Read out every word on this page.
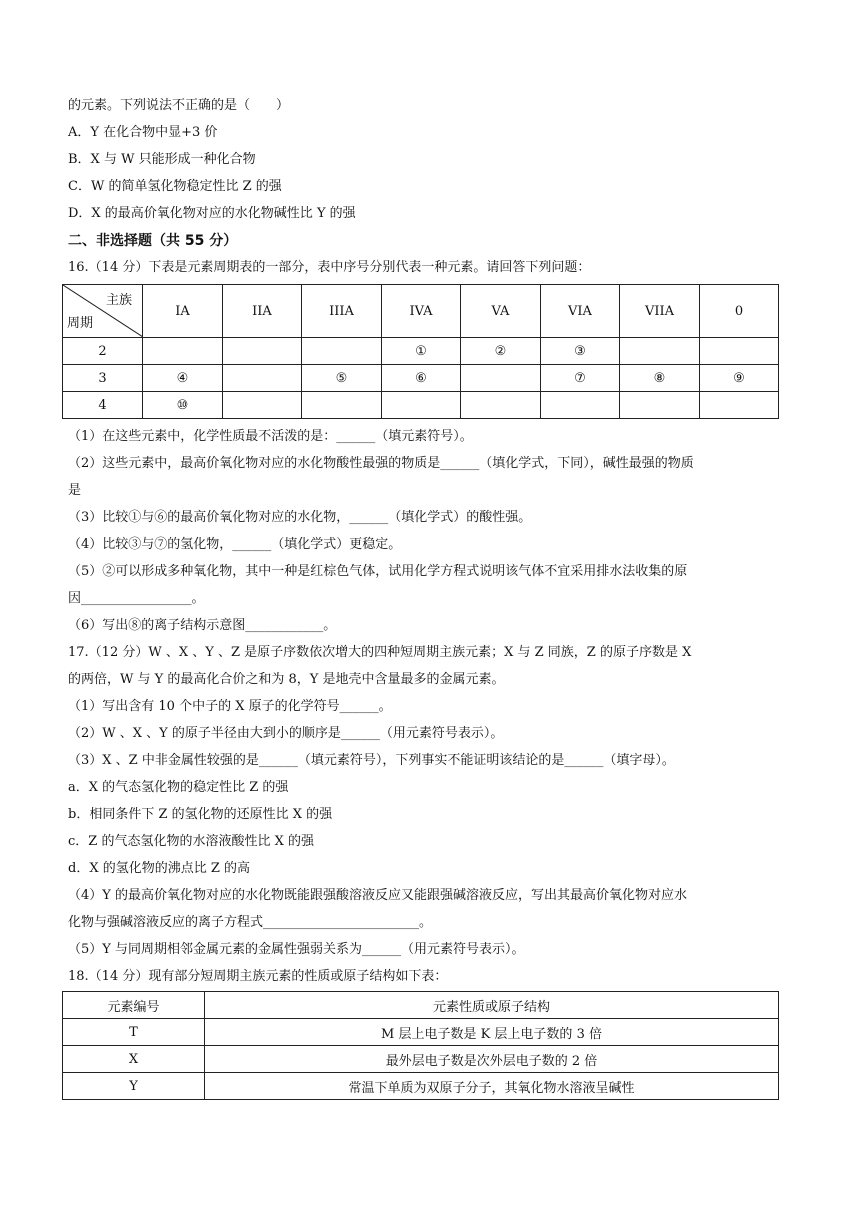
的元素。下列说法不正确的是（　　）
A．Y 在化合物中显+3 价
B．X 与 W 只能形成一种化合物
C．W 的简单氢化物稳定性比 Z 的强
D．X 的最高价氧化物对应的水化物碱性比 Y 的强
二、非选择题（共 55 分）
16.（14 分）下表是元素周期表的一部分，表中序号分别代表一种元素。请回答下列问题：
主族
周期	IA	IIA	IIIA	IVA	VA	VIA	VIIA	0
2				①	②	③		
3	④		⑤	⑥		⑦	⑧	⑨
4	⑩							
（1）在这些元素中，化学性质最不活泼的是：______（填元素符号）。
（2）这些元素中，最高价氧化物对应的水化物酸性最强的物质是______（填化学式，下同），碱性最强的物质
是
（3）比较①与⑥的最高价氧化物对应的水化物，______（填化学式）的酸性强。
（4）比较③与⑦的氢化物，______（填化学式）更稳定。
（5）②可以形成多种氧化物，其中一种是红棕色气体，试用化学方程式说明该气体不宜采用排水法收集的原
因_________________。
（6）写出⑧的离子结构示意图____________。
17.（12 分）W 、X 、Y 、Z 是原子序数依次增大的四种短周期主族元素；X 与 Z 同族，Z 的原子序数是 X
的两倍，W 与 Y 的最高化合价之和为 8，Y 是地壳中含量最多的金属元素。
（1）写出含有 10 个中子的 X 原子的化学符号______。
（2）W 、X 、Y 的原子半径由大到小的顺序是______（用元素符号表示）。
（3）X 、Z 中非金属性较强的是______（填元素符号），下列事实不能证明该结论的是______（填字母）。
a．X 的气态氢化物的稳定性比 Z 的强
b．相同条件下 Z 的氢化物的还原性比 X 的强
c．Z 的气态氢化物的水溶液酸性比 X 的强
d．X 的氢化物的沸点比 Z 的高
（4）Y 的最高价氧化物对应的水化物既能跟强酸溶液反应又能跟强碱溶液反应，写出其最高价氧化物对应水
化物与强碱溶液反应的离子方程式________________________。
（5）Y 与同周期相邻金属元素的金属性强弱关系为______（用元素符号表示）。
18.（14 分）现有部分短周期主族元素的性质或原子结构如下表：
元素编号	元素性质或原子结构
T	M 层上电子数是 K 层上电子数的 3 倍
X	最外层电子数是次外层电子数的 2 倍
Y	常温下单质为双原子分子，其氧化物水溶液呈碱性
